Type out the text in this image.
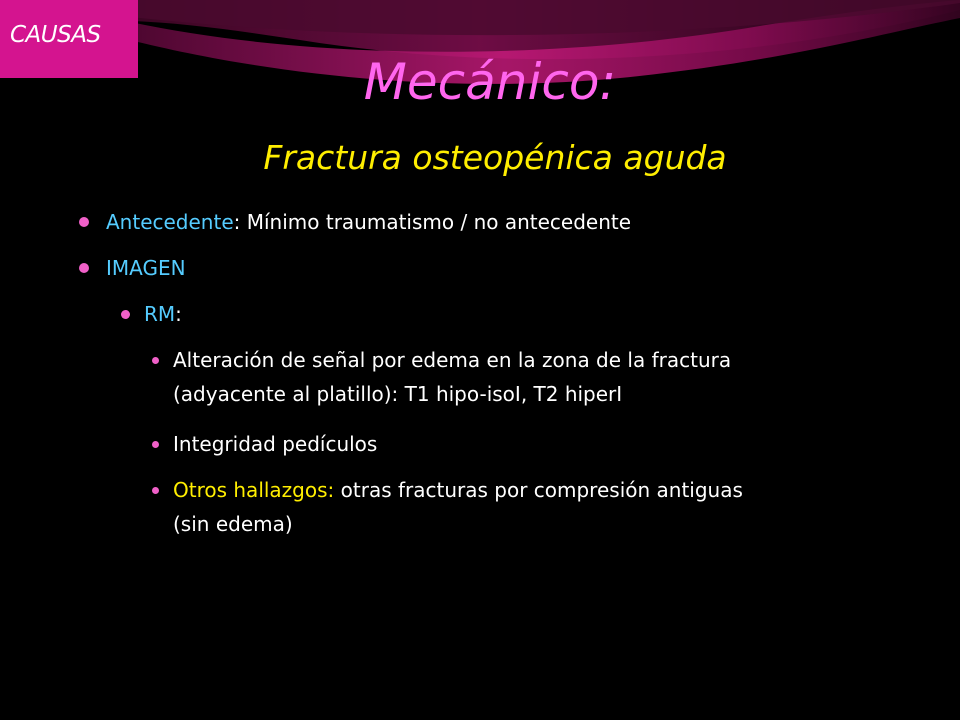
CAUSAS
Mecánico:
Fractura osteopénica aguda
Antecedente: Mínimo traumatismo / no antecedente
IMAGEN
RM:
Alteración de señal por edema en la zona de la fractura
(adyacente al platillo): T1 hipo-isoI, T2 hiperI
Integridad pedículos
Otros hallazgos: otras fracturas por compresión antiguas
(sin edema)
